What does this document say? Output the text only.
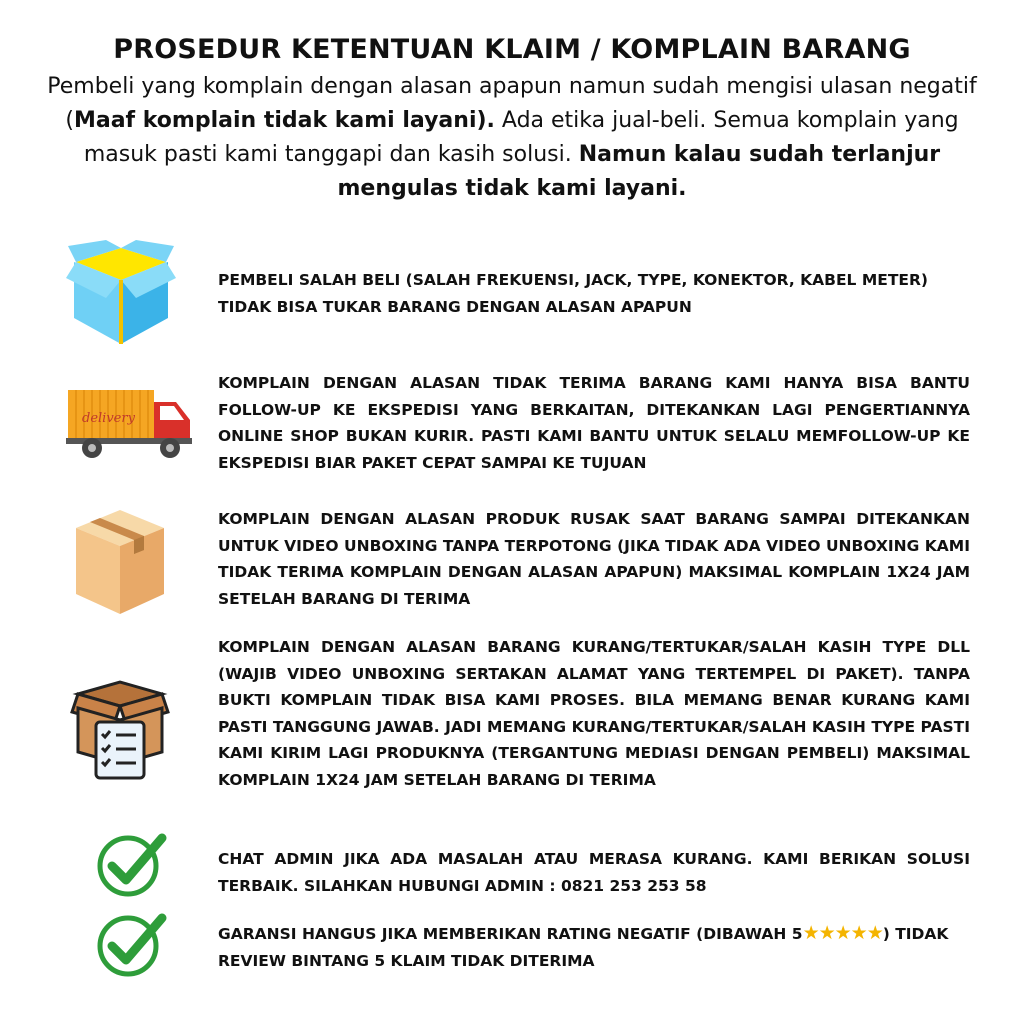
PROSEDUR KETENTUAN KLAIM / KOMPLAIN BARANG

Pembeli yang komplain dengan alasan apapun namun sudah mengisi ulasan negatif (Maaf komplain tidak kami layani). Ada etika jual-beli. Semua komplain yang masuk pasti kami tanggapi dan kasih solusi. Namun kalau sudah terlanjur mengulas tidak kami layani.

PEMBELI SALAH BELI (SALAH FREKUENSI, JACK, TYPE, KONEKTOR, KABEL METER) TIDAK BISA TUKAR BARANG DENGAN ALASAN APAPUN
delivery
KOMPLAIN DENGAN ALASAN TIDAK TERIMA BARANG KAMI HANYA BISA BANTU FOLLOW-UP KE EKSPEDISI YANG BERKAITAN, DITEKANKAN LAGI PENGERTIANNYA ONLINE SHOP BUKAN KURIR. PASTI KAMI BANTU UNTUK SELALU MEMFOLLOW-UP KE EKSPEDISI BIAR PAKET CEPAT SAMPAI KE TUJUAN
KOMPLAIN DENGAN ALASAN PRODUK RUSAK SAAT BARANG SAMPAI DITEKANKAN UNTUK VIDEO UNBOXING TANPA TERPOTONG (JIKA TIDAK ADA VIDEO UNBOXING KAMI TIDAK TERIMA KOMPLAIN DENGAN ALASAN APAPUN) MAKSIMAL KOMPLAIN 1X24 JAM SETELAH BARANG DI TERIMA
KOMPLAIN DENGAN ALASAN BARANG KURANG/TERTUKAR/SALAH KASIH TYPE DLL (WAJIB VIDEO UNBOXING SERTAKAN ALAMAT YANG TERTEMPEL DI PAKET). TANPA BUKTI KOMPLAIN TIDAK BISA KAMI PROSES. BILA MEMANG BENAR KURANG KAMI PASTI TANGGUNG JAWAB. JADI MEMANG KURANG/TERTUKAR/SALAH KASIH TYPE PASTI KAMI KIRIM LAGI PRODUKNYA (TERGANTUNG MEDIASI DENGAN PEMBELI) MAKSIMAL KOMPLAIN 1X24 JAM SETELAH BARANG DI TERIMA
CHAT ADMIN JIKA ADA MASALAH ATAU MERASA KURANG. KAMI BERIKAN SOLUSI TERBAIK. SILAHKAN HUBUNGI ADMIN : 0821 253 253 58
GARANSI HANGUS JIKA MEMBERIKAN RATING NEGATIF (DIBAWAH 5★★★★★) TIDAK REVIEW BINTANG 5 KLAIM TIDAK DITERIMA
